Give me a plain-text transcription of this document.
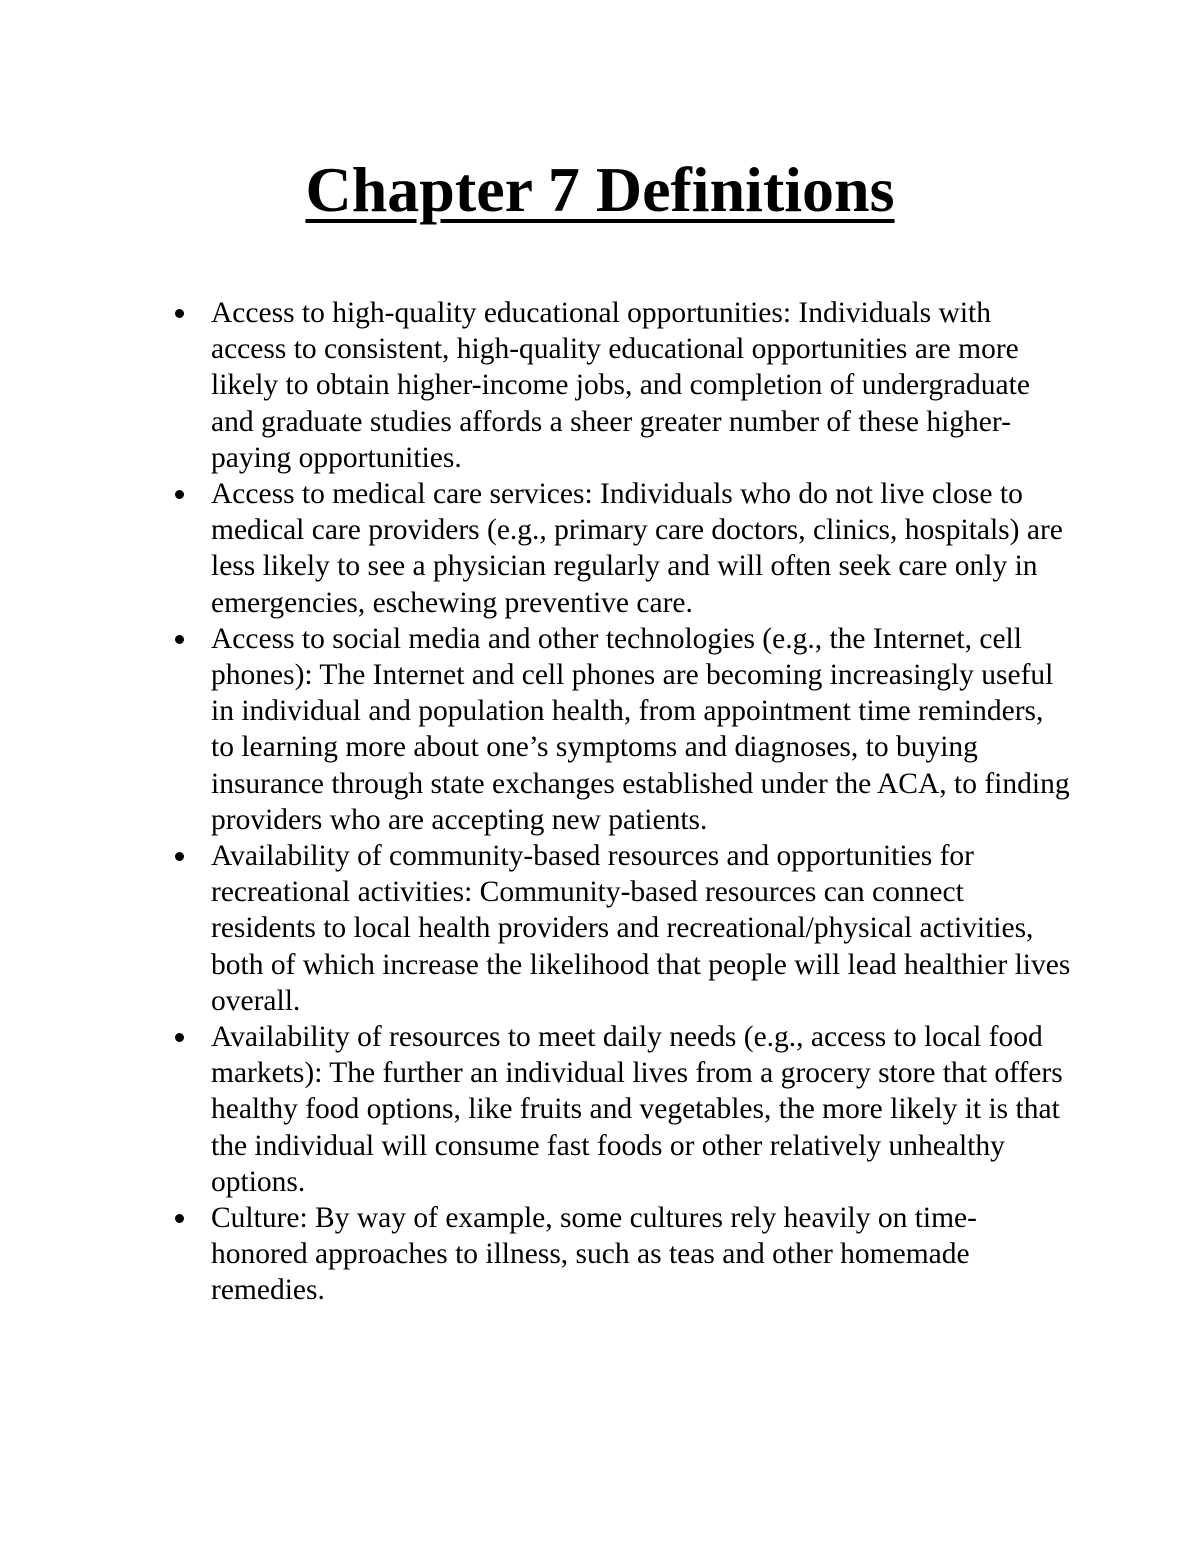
Chapter 7 Definitions
Access to high-quality educational opportunities: Individuals with access to consistent, high-quality educational opportunities are more likely to obtain higher-income jobs, and completion of undergraduate and graduate studies affords a sheer greater number of these higher-paying opportunities.
Access to medical care services: Individuals who do not live close to medical care providers (e.g., primary care doctors, clinics, hospitals) are less likely to see a physician regularly and will often seek care only in emergencies, eschewing preventive care.
Access to social media and other technologies (e.g., the Internet, cell phones): The Internet and cell phones are becoming increasingly useful in individual and population health, from appointment time reminders, to learning more about one’s symptoms and diagnoses, to buying insurance through state exchanges established under the ACA, to finding providers who are accepting new patients.
Availability of community-based resources and opportunities for recreational activities: Community-based resources can connect residents to local health providers and recreational/physical activities, both of which increase the likelihood that people will lead healthier lives overall.
Availability of resources to meet daily needs (e.g., access to local food markets): The further an individual lives from a grocery store that offers healthy food options, like fruits and vegetables, the more likely it is that the individual will consume fast foods or other relatively unhealthy options.
Culture: By way of example, some cultures rely heavily on time-honored approaches to illness, such as teas and other homemade remedies.
